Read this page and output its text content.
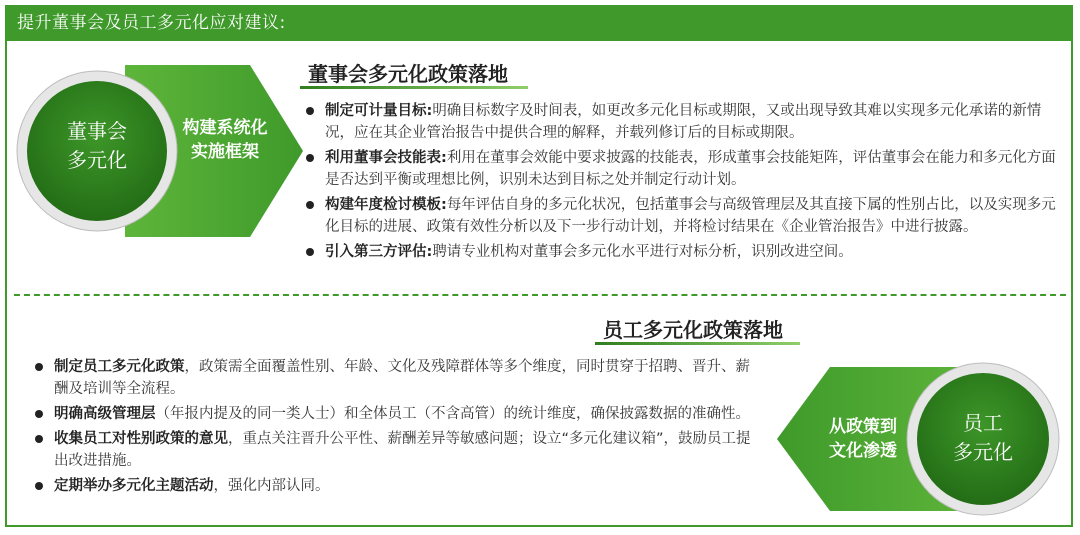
提升董事会及员工多元化应对建议:
董事会
多元化
构建系统化
实施框架
董事会多元化政策落地
制定可计量目标:明确目标数字及时间表，如更改多元化目标或期限，又或出现导致其难以实现多元化承诺的新情况，应在其企业管治报告中提供合理的解释，并载列修订后的目标或期限。
利用董事会技能表:利用在董事会效能中要求披露的技能表，形成董事会技能矩阵，评估董事会在能力和多元化方面是否达到平衡或理想比例，识别未达到目标之处并制定行动计划。
构建年度检讨模板:每年评估自身的多元化状况，包括董事会与高级管理层及其直接下属的性别占比，以及实现多元化目标的进展、政策有效性分析以及下一步行动计划，并将检讨结果在《企业管治报告》中进行披露。
引入第三方评估:聘请专业机构对董事会多元化水平进行对标分析，识别改进空间。
员工多元化政策落地
制定员工多元化政策，政策需全面覆盖性别、年龄、文化及残障群体等多个维度，同时贯穿于招聘、晋升、薪酬及培训等全流程。
明确高级管理层（年报内提及的同一类人士）和全体员工（不含高管）的统计维度，确保披露数据的准确性。
收集员工对性别政策的意见，重点关注晋升公平性、薪酬差异等敏感问题；设立“多元化建议箱”，鼓励员工提出改进措施。
定期举办多元化主题活动，强化内部认同。
从政策到
文化渗透
员工
多元化
